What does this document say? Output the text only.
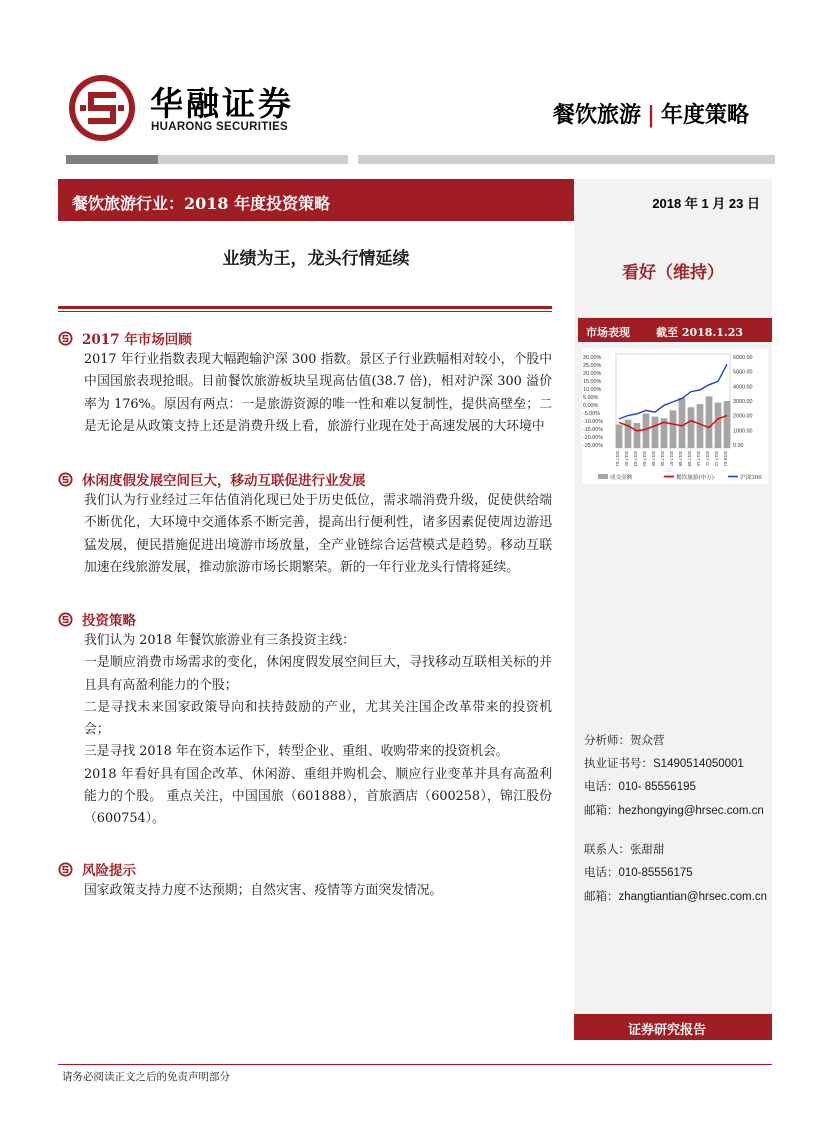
华融证券
HUARONG SECURITIES	餐饮旅游 | 年度策略
餐饮旅游行业：2018 年度投资策略	2018 年 1 月 23 日
业绩为王，龙头行情延续
看好（维持）
市场表现 截至 2018.1.23
30.00%
25.00%
20.00%
15.00%
10.00%
5.00%
0.00%
-5.00%
-10.00%
-15.00%
-20.00%
-25.00%
6000.00
5000.00
4000.00
3000.00
2000.00
1000.00
0.00
2017-01 2017-02 2017-03 2017-04 2017-05 2017-06 2017-07 2017-08 2017-09 2017-10 2017-11 2017-12 2018-01
成交金额	餐饮旅游(申万)	沪深300
分析师：贺众营
执业证书号：S1490514050001
电话：010- 85556195
邮箱：hezhongying@hrsec.com.cn
联系人：张甜甜
电话：010-85556175
邮箱：zhangtiantian@hrsec.com.cn
证券研究报告
2017 年市场回顾
2017 年行业指数表现大幅跑输沪深 300 指数。景区子行业跌幅相对较小，个股中中国国旅表现抢眼。目前餐饮旅游板块呈现高估值(38.7 倍)，相对沪深 300 溢价率为 176%。原因有两点：一是旅游资源的唯一性和难以复制性，提供高壁垒；二是无论是从政策支持上还是消费升级上看，旅游行业现在处于高速发展的大环境中
休闲度假发展空间巨大，移动互联促进行业发展
我们认为行业经过三年估值消化现已处于历史低位，需求端消费升级，促使供给端不断优化，大环境中交通体系不断完善，提高出行便利性，诸多因素促使周边游迅猛发展，便民措施促进出境游市场放量，全产业链综合运营模式是趋势。移动互联加速在线旅游发展，推动旅游市场长期繁荣。新的一年行业龙头行情将延续。
投资策略
我们认为 2018 年餐饮旅游业有三条投资主线：
一是顺应消费市场需求的变化，休闲度假发展空间巨大，寻找移动互联相关标的并且具有高盈利能力的个股；
二是寻找未来国家政策导向和扶持鼓励的产业，尤其关注国企改革带来的投资机会；
三是寻找 2018 年在资本运作下，转型企业、重组、收购带来的投资机会。
2018 年看好具有国企改革、休闲游、重组并购机会、顺应行业变革并具有高盈利能力的个股。 重点关注，中国国旅（601888），首旅酒店（600258），锦江股份（600754）。
风险提示
国家政策支持力度不达预期；自然灾害、疫情等方面突发情况。
请务必阅读正文之后的免责声明部分
